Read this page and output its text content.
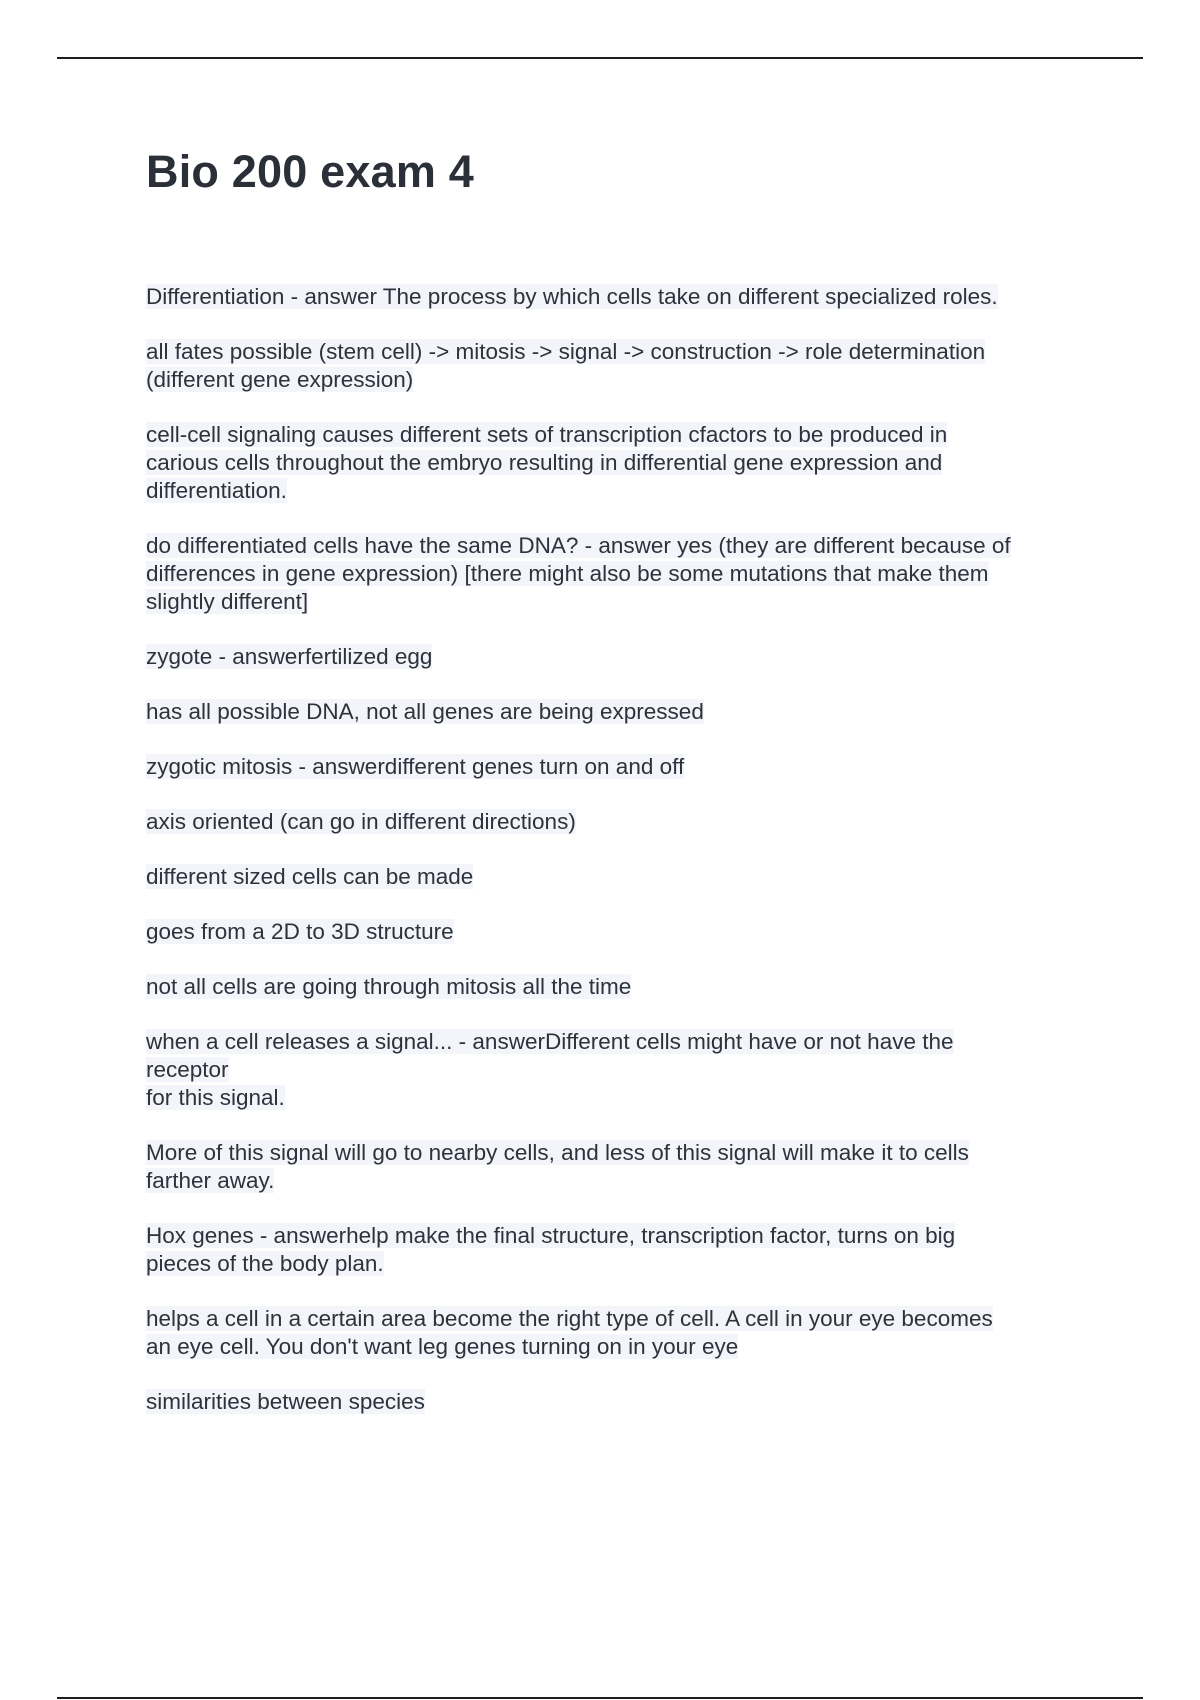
Bio 200 exam 4
Differentiation - answer The process by which cells take on different specialized roles.
all fates possible (stem cell) -> mitosis -> signal -> construction -> role determination
(different gene expression)
cell-cell signaling causes different sets of transcription cfactors to be produced in
carious cells throughout the embryo resulting in differential gene expression and
differentiation.
do differentiated cells have the same DNA? - answer yes (they are different because of
differences in gene expression) [there might also be some mutations that make them
slightly different]
zygote - answerfertilized egg
has all possible DNA, not all genes are being expressed
zygotic mitosis - answerdifferent genes turn on and off
axis oriented (can go in different directions)
different sized cells can be made
goes from a 2D to 3D structure
not all cells are going through mitosis all the time
when a cell releases a signal... - answerDifferent cells might have or not have the
receptor
for this signal.
More of this signal will go to nearby cells, and less of this signal will make it to cells
farther away.
Hox genes - answerhelp make the final structure, transcription factor, turns on big
pieces of the body plan.
helps a cell in a certain area become the right type of cell. A cell in your eye becomes
an eye cell. You don't want leg genes turning on in your eye
similarities between species
